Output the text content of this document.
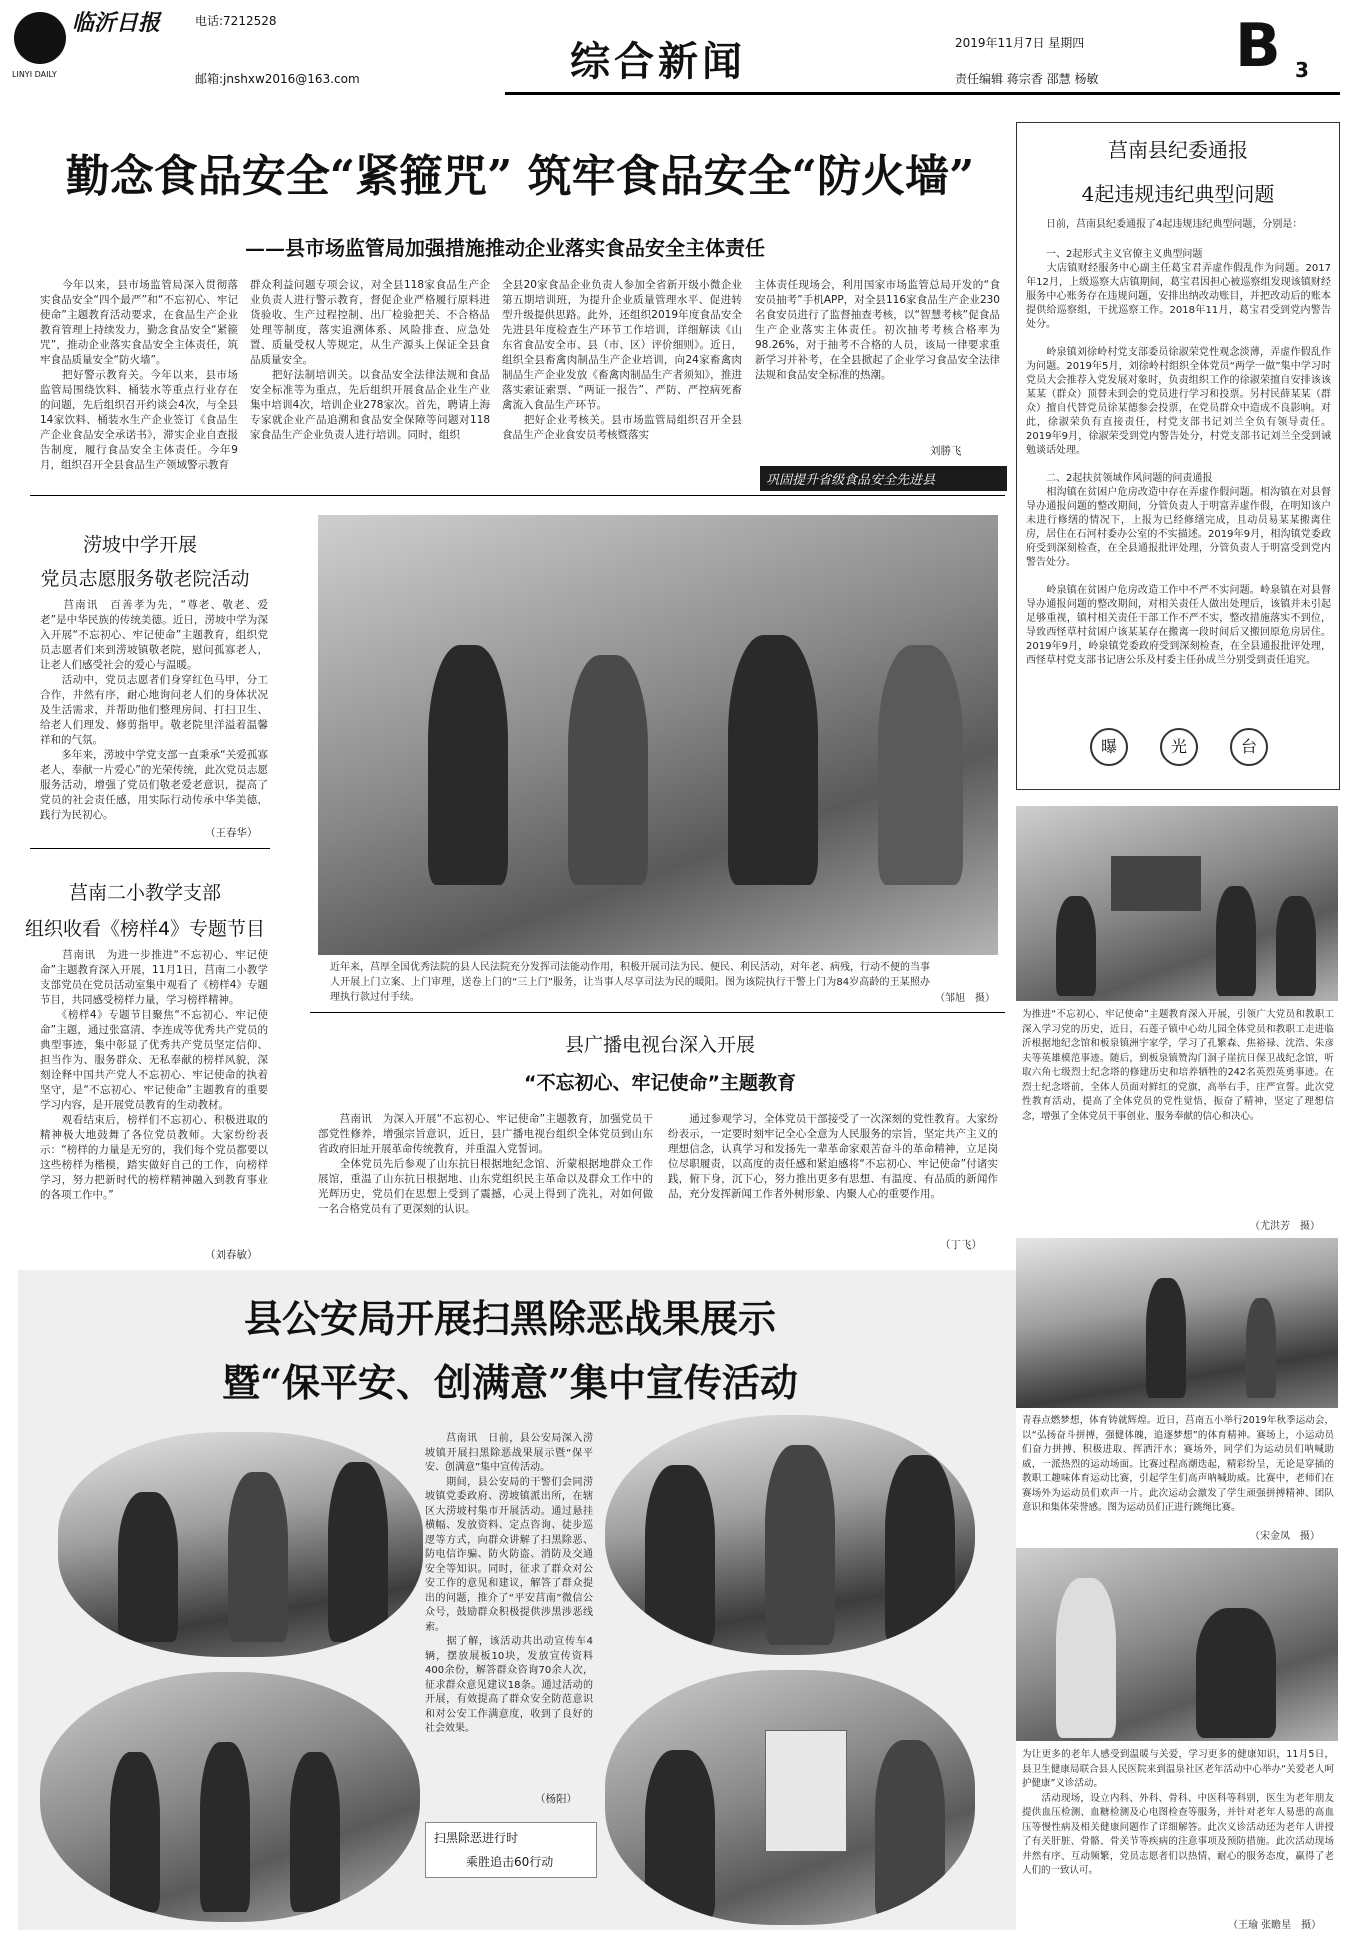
LINYI DAILY
临沂日报	电话:7212528
邮箱:jnshxw2016@163.com	综合新闻	2019年11月7日 星期四
责任编辑 蒋宗香 邵慧 杨敏 B 3
勤念食品安全“紧箍咒” 筑牢食品安全“防火墙”
——县市场监管局加强措施推动企业落实食品安全主体责任
　　今年以来，县市场监管局深入贯彻落实食品安全“四个最严”和“不忘初心、牢记使命”主题教育活动要求，在食品生产企业教育管理上持续发力，勤念食品安全“紧箍咒”，推动企业落实食品安全主体责任，筑牢食品质量安全“防火墙”。
　　把好警示教育关。今年以来，县市场监管局围绕饮料、桶装水等重点行业存在的问题，先后组织召开约谈会4次，与全县14家饮料、桶装水生产企业签订《食品生产企业食品安全承诺书》，滞实企业自查报告制度，履行食品安全主体责任。今年9月，组织召开全县食品生产领域警示教育
群众利益问题专项会议，对全县118家食品生产企业负责人进行警示教育，督促企业严格履行原料进货验收、生产过程控制、出厂检验把关、不合格品处理等制度，落实追溯体系、风险排查、应急处置、质量受权人等规定，从生产源头上保证全县食品质量安全。
　　把好法制培训关。以食品安全法律法规和食品安全标准等为重点，先后组织开展食品企业生产业集中培训4次，培训企业278家次。首先，聘请上海专家就企业产品追溯和食品安全保障等问题对118家食品生产企业负责人进行培训。同时，组织
全县20家食品企业负责人参加全省新开级小微企业第五期培训班，为提升企业质量管理水平、促进转型升级提供思路。此外，还组织2019年度食品安全先进县年度检查生产环节工作培训，详细解读《山东省食品安全市、县（市、区）评价细则》。近日，组织全县畜禽肉制品生产企业培训，向24家畜禽肉制品生产企业发放《畜禽肉制品生产者须知》，推进落实索证索票、“两证一报告”、严防、严控病死畜禽流入食品生产环节。
　　把好企业考核关。县市场监管局组织召开全县食品生产企业食安员考核暨落实
主体责任现场会，利用国家市场监管总局开发的“食安员抽考”手机APP，对全县116家食品生产企业230名食安员进行了监督抽查考核，以“智慧考核”促食品生产企业落实主体责任。初次抽考考核合格率为98.26%，对于抽考不合格的人员，该局一律要求重新学习并补考，在全县掀起了企业学习食品安全法律法规和食品安全标准的热潮。
刘勝飞
巩固提升省级食品安全先进县
涝坡中学开展
党员志愿服务敬老院活动
　　莒南讯　百善孝为先，“尊老、敬老、爱老”是中华民族的传统美德。近日，涝坡中学为深入开展“不忘初心、牢记使命”主题教育，组织党员志愿者们来到涝坡镇敬老院，慰问孤寡老人，让老人们感受社会的爱心与温暖。
　　活动中，党员志愿者们身穿红色马甲，分工合作，井然有序，耐心地询问老人们的身体状况及生活需求，并帮助他们整理房间、打扫卫生、给老人们理发、修剪指甲。敬老院里洋溢着温馨祥和的气氛。
　　多年来，涝坡中学党支部一直秉承“关爱孤寡老人，奉献一片爱心”的光荣传统，此次党员志愿服务活动，增强了党员们敬老爱老意识，提高了党员的社会责任感，用实际行动传承中华美德，践行为民初心。
（王春华）
莒南二小教学支部
组织收看《榜样4》专题节目
　　莒南讯　为进一步推进“不忘初心、牢记使命”主题教育深入开展，11月1日，莒南二小教学支部党员在党员活动室集中观看了《榜样4》专题节目，共同感受榜样力量，学习榜样精神。
　　《榜样4》专题节目聚焦“不忘初心、牢记使命”主题，通过张富清、李连成等优秀共产党员的典型事迹，集中彰显了优秀共产党员坚定信仰、担当作为、服务群众、无私奉献的榜样风貌，深刻诠释中国共产党人不忘初心、牢记使命的执着坚守，是“不忘初心、牢记使命”主题教育的重要学习内容，是开展党员教育的生动教材。
　　观看结束后，榜样们不忘初心、积极进取的精神极大地鼓舞了各位党员教师。大家纷纷表示：“榜样的力量是无穷的，我们每个党员都要以这些榜样为楷模，踏实做好自己的工作，向榜样学习，努力把新时代的榜样精神融入到教育事业的各项工作中。”
（刘春敏）
近年来，莒厚全国优秀法院的县人民法院充分发挥司法能动作用，积极开展司法为民、便民、利民活动，对年老、病残，行动不便的当事人开展上门立案、上门审理，送卷上门的“三上门”服务，让当事人尽享司法为民的暖阳。图为该院执行干警上门为84岁高龄的王某照办理执行款过付手续。	（邹旭　摄）
县广播电视台深入开展
“不忘初心、牢记使命”主题教育
　　莒南讯　为深入开展“不忘初心、牢记使命”主题教育，加强党员干部党性修养，增强宗旨意识，近日，县广播电视台组织全体党员到山东省政府旧址开展革命传统教育，并重温入党誓词。
　　全体党员先后参观了山东抗日根据地纪念馆、沂蒙根据地群众工作展馆，重温了山东抗日根据地、山东党组织民主革命以及群众工作中的光辉历史，党员们在思想上受到了震撼，心灵上得到了洗礼，对如何做一名合格党员有了更深刻的认识。
　　通过参观学习，全体党员干部接受了一次深刻的党性教育。大家纷纷表示，一定要时刻牢记全心全意为人民服务的宗旨，坚定共产主义的理想信念，认真学习和发扬先一辈革命家艰苦奋斗的革命精神，立足岗位尽职履责，以高度的责任感和紧迫感将“不忘初心、牢记使命”付诸实践，俯下身，沉下心，努力推出更多有思想、有温度、有品质的新闻作品，充分发挥新闻工作者外树形象、内聚人心的重要作用。
（丁飞）
县公安局开展扫黑除恶战果展示
暨“保平安、创满意”集中宣传活动
　　莒南讯　日前，县公安局深入涝坡镇开展扫黑除恶战果展示暨“保平安、创满意”集中宣传活动。
　　期间，县公安局的干警们会同涝坡镇党委政府、涝坡镇派出所，在辖区大涝坡村集市开展活动。通过悬挂横幅、发放资料、定点咨询、徒步巡逻等方式，向群众讲解了扫黑除恶、防电信诈骗、防火防盗、消防及交通安全等知识。同时，征求了群众对公安工作的意见和建议，解答了群众提出的问题，推介了“平安莒南”微信公众号，鼓励群众积极提供涉黑涉恶线索。
　　据了解，该活动共出动宣传车4辆，摆放展板10块，发放宣传资料400余份，解答群众咨询70余人次，征求群众意见建议18条。通过活动的开展，有效提高了群众安全防范意识和对公安工作满意度，收到了良好的社会效果。
（杨阳）
扫黑除恶进行时
乘胜追击60行动
莒南县纪委通报
4起违规违纪典型问题
　　日前，莒南县纪委通报了4起违规违纪典型问题，分别是：
　　一、2起形式主义官僚主义典型问题
　　大店镇财经服务中心副主任葛宝君弄虚作假乱作为问题。2017年12月，上级巡察大店镇期间，葛宝君因担心被巡察组发现该镇财经服务中心账务存在违规问题，安排出纳改动账目，并把改动后的账本提供给巡察组，干扰巡察工作。2018年11月，葛宝君受到党内警告处分。
　　岭泉镇刘徐岭村党支部委员徐淑荣党性观念淡薄，弄虚作假乱作为问题。2019年5月，刘徐岭村组织全体党员“两学一做”集中学习时党员大会推荐入党发展对象时，负责组织工作的徐淑荣擅自安排该该某某（群众）顶替未到会的党员进行学习和投票。另村民薛某某（群众）擅自代替党员徐某德参会投票，在党员群众中造成不良影响。对此，徐淑荣负有直接责任，村党支部书记刘兰全负有领导责任。2019年9月，徐淑荣受到党内警告处分，村党支部书记刘兰全受到诫勉谈话处理。
　　二、2起扶贫领域作风问题的问责通报
　　相沟镇在贫困户危房改造中存在弄虚作假问题。相沟镇在对县督导办通报问题的整改期间，分管负责人于明富弄虚作假，在明知该户未进行修缮的情况下，上报为已经修缮完成，且动员易某某搬离住房，居住在石河村委办公室的不实描述。2019年9月，相沟镇党委政府受到深刻检查，在全县通报批评处理，分管负责人于明富受到党内警告处分。
　　岭泉镇在贫困户危房改造工作中不严不实问题。岭泉镇在对县督导办通报问题的整改期间，对相关责任人做出处理后，该镇并未引起足够重视，镇村相关责任干部工作不严不实，整改措施落实不到位，导致西怪草村贫困户该某某存在搬离一段时间后又搬回原危房居住。2019年9月，岭泉镇党委政府受到深刻检查，在全县通报批评处理，西怪草村党支部书记唐公乐及村委主任孙成兰分别受到责任追究。
曝	光	台
为推进“不忘初心、牢记使命”主题教育深入开展，引领广大党员和教职工深入学习党的历史，近日，石莲子镇中心幼儿园全体党员和教职工走进临沂根据地纪念馆和板泉镇洲宇家学，学习了孔繁森、焦裕禄、沈浩、朱彦夫等英雄模范事迹。随后，到板泉镇赞沟门洞子崖抗日保卫战纪念馆，听取六角七级烈士纪念塔的修建历史和培养牺牲的242名英烈英勇事迹。在烈士纪念塔前，全体人员面对鲜红的党旗，高举右手，庄严宣誓。此次党性教育活动，提高了全体党员的党性觉悟，振奋了精神，坚定了理想信念，增强了全体党员干事创业、服务奉献的信心和决心。
（尤洪芳　摄）
青春点燃梦想，体育铸就辉煌。近日，莒南五小举行2019年秋季运动会，以“弘扬奋斗拼搏，强健体魄，追逐梦想”的体育精神。赛场上，小运动员们奋力拼搏、积极进取、挥洒汗水；赛场外，同学们为运动员们呐喊助威，一派热烈的运动场面。比赛过程高潮迭起，精彩纷呈，无论是穿插的教职工趣味体育运动比赛，引起学生们高声呐喊助威。比赛中，老师们在赛场外为运动员们欢声一片。此次运动会激发了学生顽强拼搏精神、团队意识和集体荣誉感。图为运动员们正进行跳绳比赛。
（宋金凤　摄）
为让更多的老年人感受到温暖与关爱，学习更多的健康知识，11月5日，县卫生健康局联合县人民医院来到温泉社区老年活动中心举办“关爱老人呵护健康”义诊活动。
　　活动现场，设立内科、外科、骨科、中医科等科别，医生为老年朋友提供血压检测、血糖检测及心电图检查等服务，并针对老年人易患的高血压等慢性病及相关健康问题作了详细解答。此次义诊活动还为老年人讲授了有关肝脏、骨骼、骨关节等疾病的注意事项及预防措施。此次活动现场井然有序、互动频繁，党员志愿者们以热情、耐心的服务态度，赢得了老人们的一致认可。
（王瑜 张瞻星　摄）
